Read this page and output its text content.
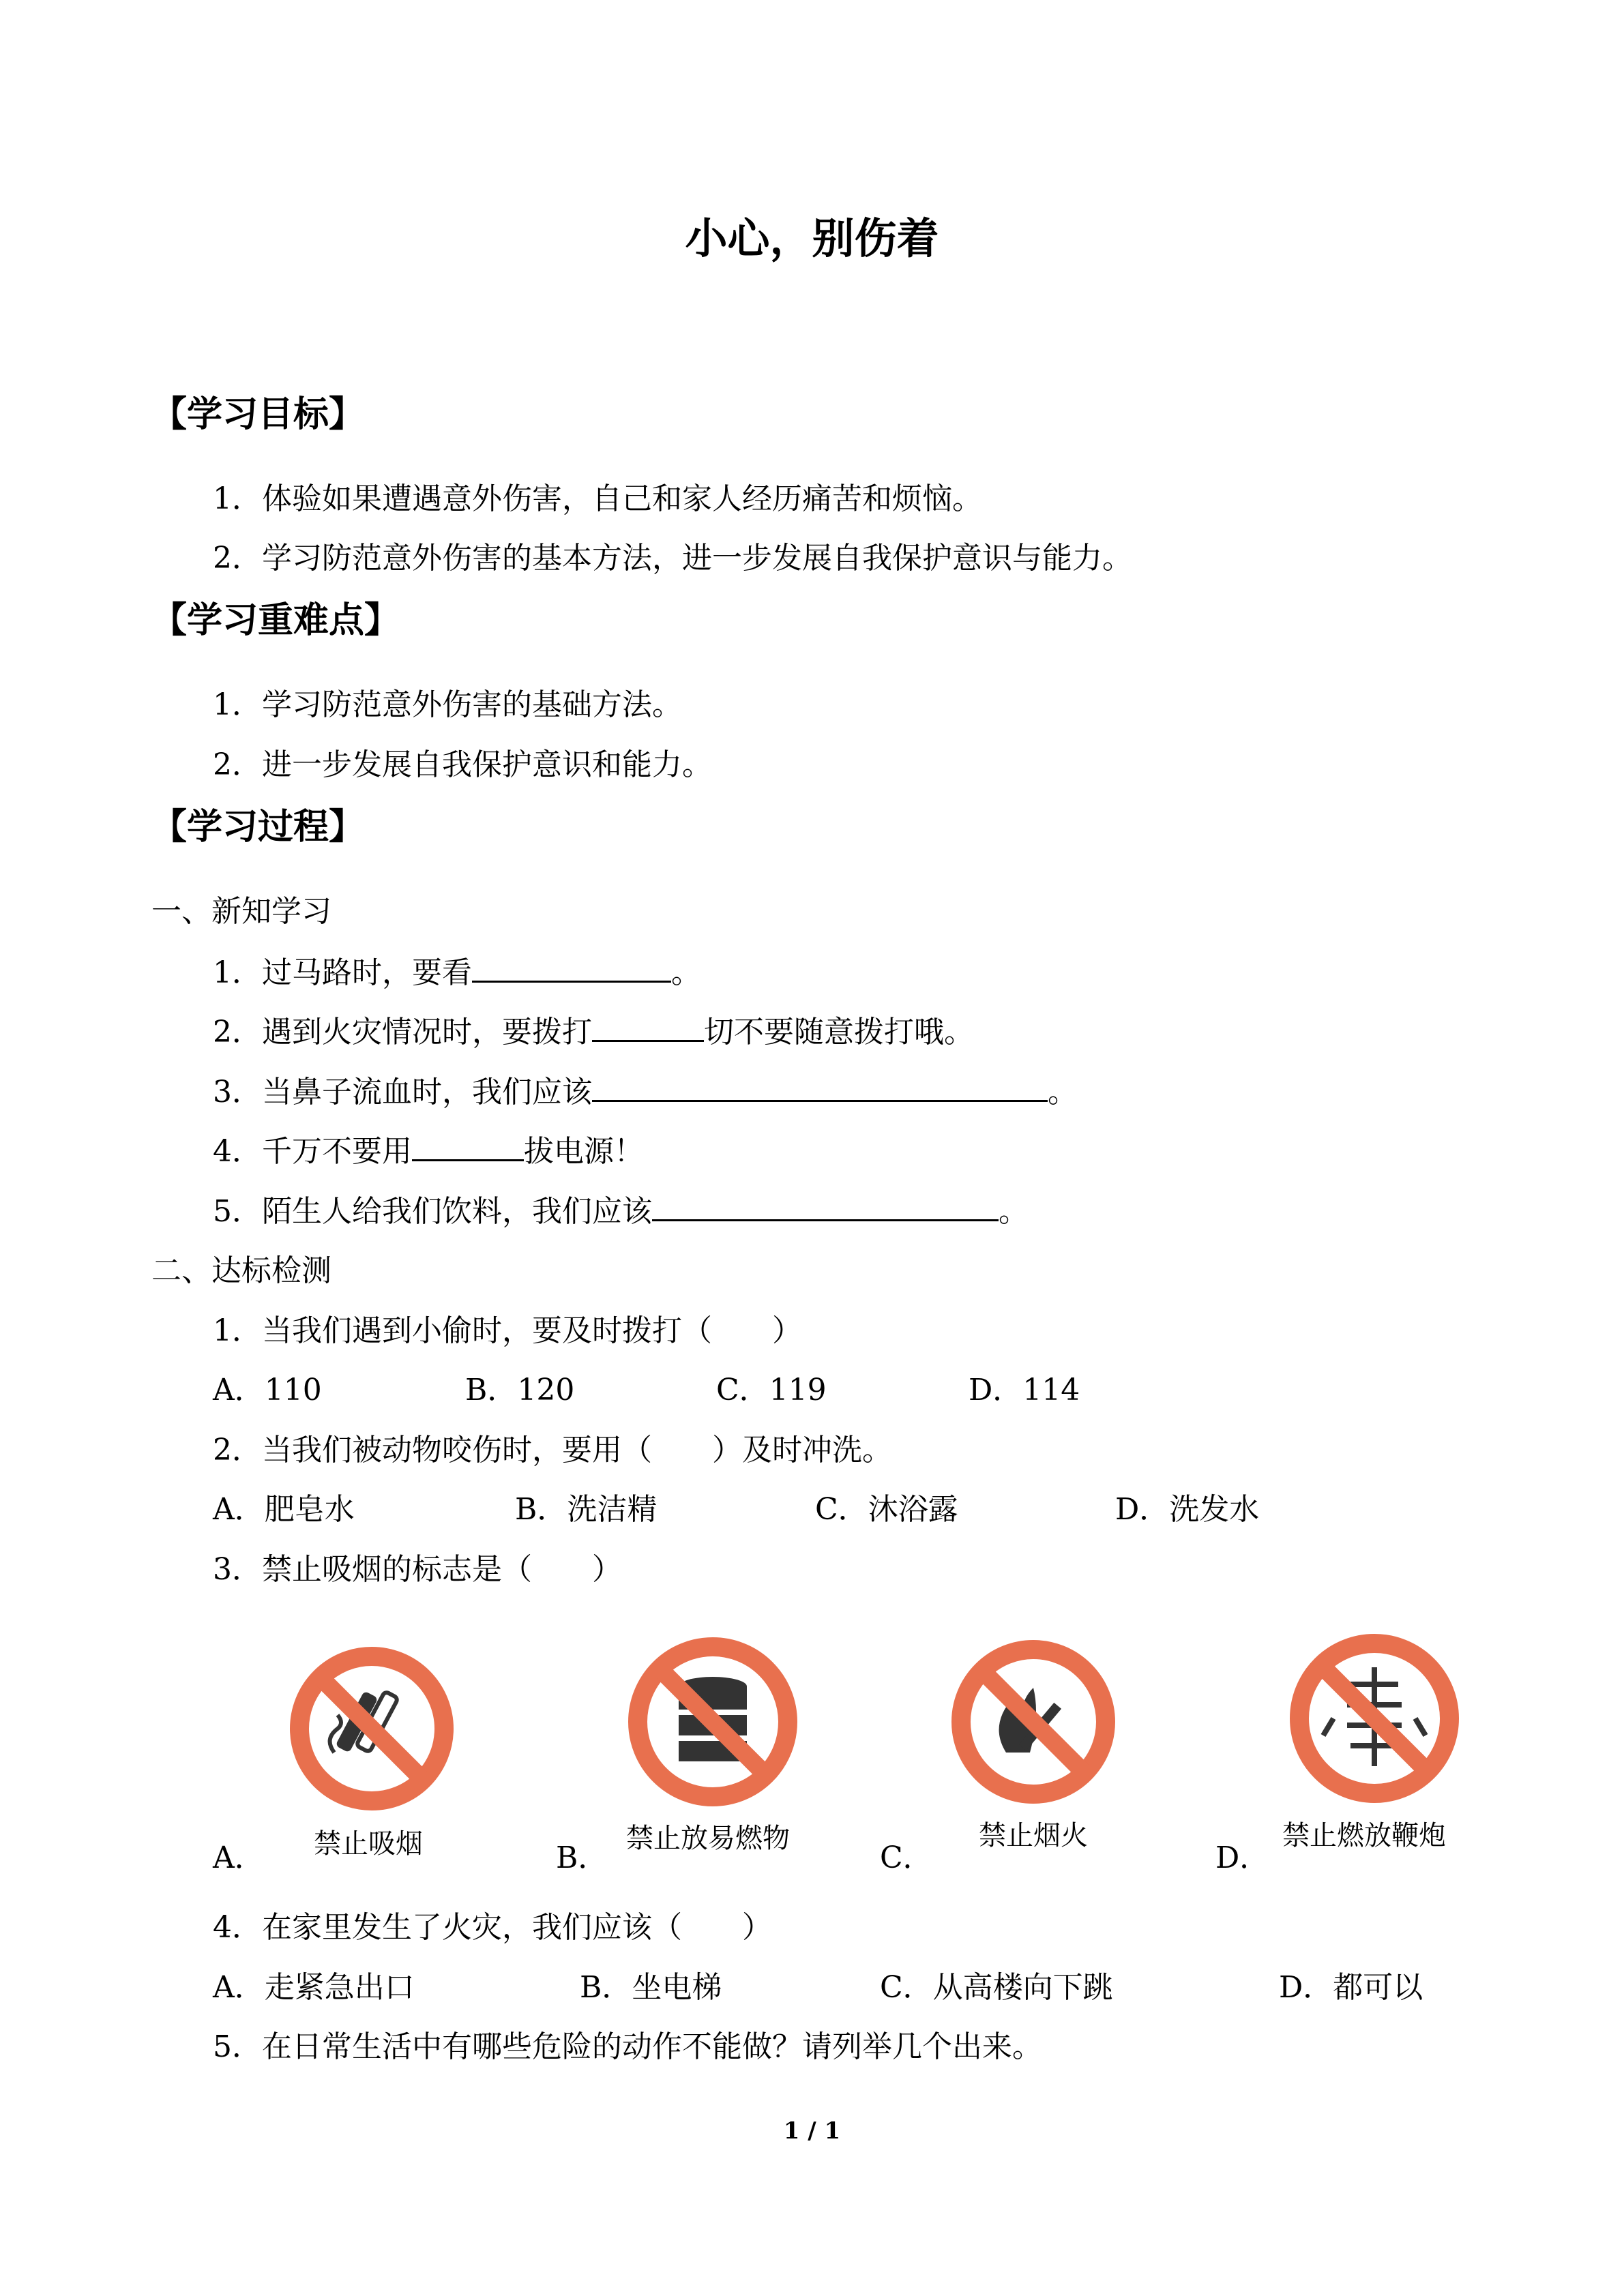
小心，别伤着
【学习目标】
1．体验如果遭遇意外伤害，自己和家人经历痛苦和烦恼。
2．学习防范意外伤害的基本方法，进一步发展自我保护意识与能力。
【学习重难点】
1．学习防范意外伤害的基础方法。
2．进一步发展自我保护意识和能力。
【学习过程】
一、新知学习
1．过马路时，要看	。
2．遇到火灾情况时，要拨打	切不要随意拨打哦。
3．当鼻子流血时，我们应该	。
4．千万不要用	拔电源！
5．陌生人给我们饮料，我们应该	。
二、达标检测
1．当我们遇到小偷时，要及时拨打（　　）
A．110	B．120	C．119	D．114
2．当我们被动物咬伤时，要用（　　）及时冲洗。
A．肥皂水	B．洗洁精	C．沐浴露	D．洗发水
3．禁止吸烟的标志是（　　）
A． 禁止吸烟	B．
禁止放易燃物
C．
禁止烟火
D．
禁止燃放鞭炮
4．在家里发生了火灾，我们应该（　　）
A．走紧急出口	B．坐电梯	C．从高楼向下跳	D．都可以
5．在日常生活中有哪些危险的动作不能做？请列举几个出来。
1 / 1
